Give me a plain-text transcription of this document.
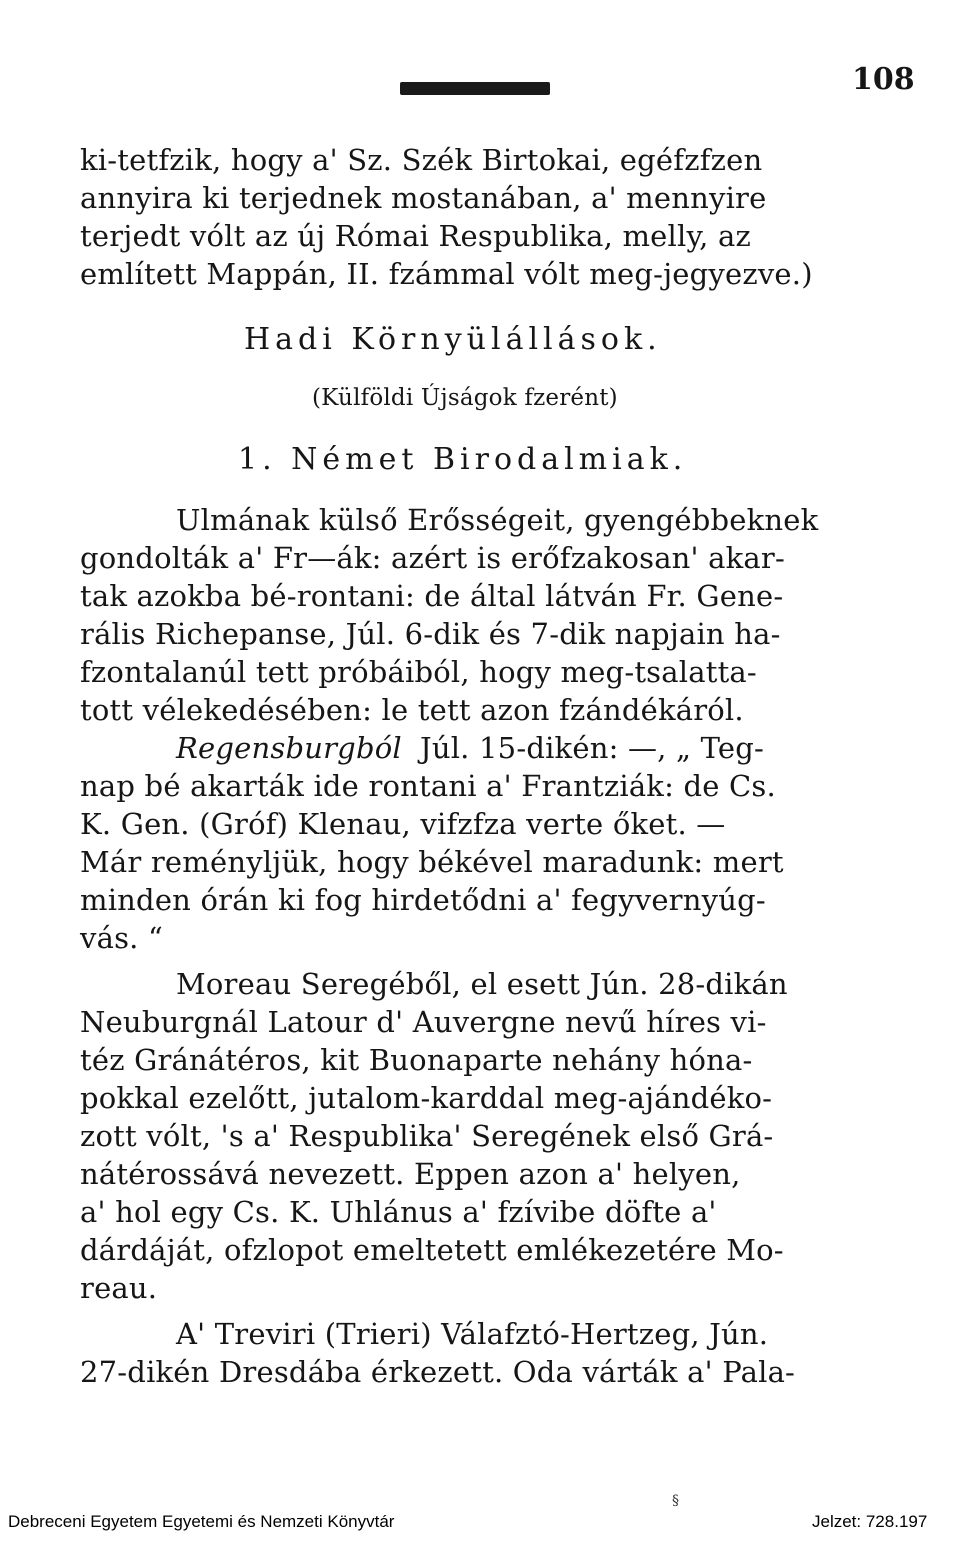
108
ki-tetfzik, hogy a' Sz. Szék Birtokai, egéfzfzen
annyira ki terjednek mostanában, a' mennyire
terjedt vólt az új Római Respublika, melly, az
említett Mappán, II. fzámmal vólt meg-jegyezve.)
Hadi Környülállások.
(Külföldi Újságok fzerént)
1. Német Birodalmiak.
Ulmának külső Erősségeit, gyengébbeknek
gondolták a' Fr—ák: azért is erőfzakosan' akar-
tak azokba bé-rontani: de által látván Fr. Gene-
rális Richepanse, Júl. 6-dik és 7-dik napjain ha-
fzontalanúl tett próbáiból, hogy meg-tsalatta-
tott vélekedésében: le tett azon fzándékáról.
Regensburgból Júl. 15-dikén: —, „ Teg-
nap bé akarták ide rontani a' Frantziák: de Cs.
K. Gen. (Gróf) Klenau, vifzfza verte őket. —
Már reményljük, hogy békével maradunk: mert
minden órán ki fog hirdetődni a' fegyvernyúg-
vás. “
Moreau Seregéből, el esett Jún. 28-dikán
Neuburgnál Latour d' Auvergne nevű híres vi-
téz Gránátéros, kit Buonaparte nehány hóna-
pokkal ezelőtt, jutalom-karddal meg-ajándéko-
zott vólt, 's a' Respublika' Seregének első Grá-
nátérossává nevezett. Eppen azon a' helyen,
a' hol egy Cs. K. Uhlánus a' fzívibe döfte a'
dárdáját, ofzlopot emeltetett emlékezetére Mo-
reau.
A' Treviri (Trieri) Válafztó-Hertzeg, Jún.
27-dikén Dresdába érkezett. Oda várták a' Pala-
§
Debreceni Egyetem Egyetemi és Nemzeti Könyvtár	Jelzet: 728.197
